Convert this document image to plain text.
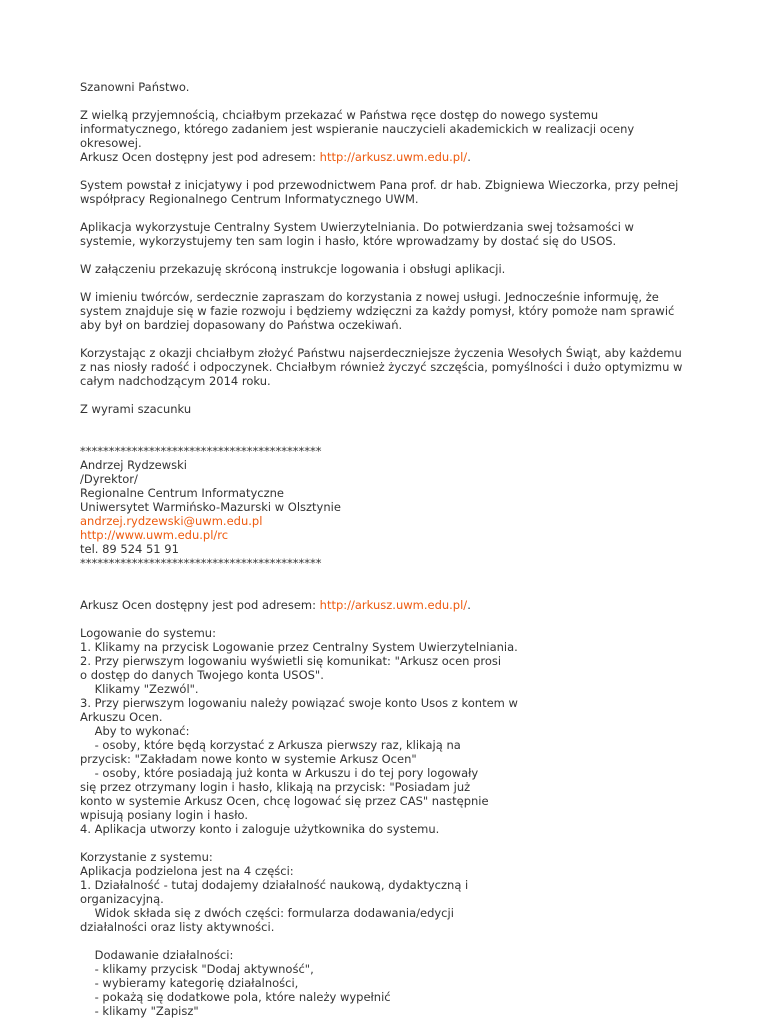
Szanowni Państwo.

Z wielką przyjemnością, chciałbym przekazać w Państwa ręce dostęp do nowego systemu
informatycznego, którego zadaniem jest wspieranie nauczycieli akademickich w realizacji oceny
okresowej.
Arkusz Ocen dostępny jest pod adresem: http://arkusz.uwm.edu.pl/.

System powstał z inicjatywy i pod przewodnictwem Pana prof. dr hab. Zbigniewa Wieczorka, przy pełnej
współpracy Regionalnego Centrum Informatycznego UWM.

Aplikacja wykorzystuje Centralny System Uwierzytelniania. Do potwierdzania swej tożsamości w
systemie, wykorzystujemy ten sam login i hasło, które wprowadzamy by dostać się do USOS.

W załączeniu przekazuję skróconą instrukcje logowania i obsługi aplikacji.

W imieniu twórców, serdecznie zapraszam do korzystania z nowej usługi. Jednocześnie informuję, że
system znajduje się w fazie rozwoju i będziemy wdzięczni za każdy pomysł, który pomoże nam sprawić
aby był on bardziej dopasowany do Państwa oczekiwań.

Korzystając z okazji chciałbym złożyć Państwu najserdeczniejsze życzenia Wesołych Świąt, aby każdemu
z nas niosły radość i odpoczynek. Chciałbym również życzyć szczęścia, pomyślności i dużo optymizmu w
całym nadchodzącym 2014 roku.

Z wyrami szacunku

******************************************
Andrzej Rydzewski
/Dyrektor/
Regionalne Centrum Informatyczne
Uniwersytet Warmińsko-Mazurski w Olsztynie
andrzej.rydzewski@uwm.edu.pl
http://www.uwm.edu.pl/rc
tel. 89 524 51 91
******************************************

Arkusz Ocen dostępny jest pod adresem: http://arkusz.uwm.edu.pl/.

Logowanie do systemu:
1. Klikamy na przycisk Logowanie przez Centralny System Uwierzytelniania.
2. Przy pierwszym logowaniu wyświetli się komunikat: "Arkusz ocen prosi
o dostęp do danych Twojego konta USOS".
Klikamy "Zezwól".
3. Przy pierwszym logowaniu należy powiązać swoje konto Usos z kontem w
Arkuszu Ocen.
Aby to wykonać:
- osoby, które będą korzystać z Arkusza pierwszy raz, klikają na
przycisk: "Zakładam nowe konto w systemie Arkusz Ocen"
- osoby, które posiadają już konta w Arkuszu i do tej pory logowały
się przez otrzymany login i hasło, klikają na przycisk: "Posiadam już
konto w systemie Arkusz Ocen, chcę logować się przez CAS" następnie
wpisują posiany login i hasło.
4. Aplikacja utworzy konto i zaloguje użytkownika do systemu.

Korzystanie z systemu:
Aplikacja podzielona jest na 4 części:
1. Działalność - tutaj dodajemy działalność naukową, dydaktyczną i
organizacyjną.
Widok składa się z dwóch części: formularza dodawania/edycji
działalności oraz listy aktywności.

Dodawanie działalności:
- klikamy przycisk "Dodaj aktywność",
- wybieramy kategorię działalności,
- pokażą się dodatkowe pola, które należy wypełnić
- klikamy "Zapisz"
